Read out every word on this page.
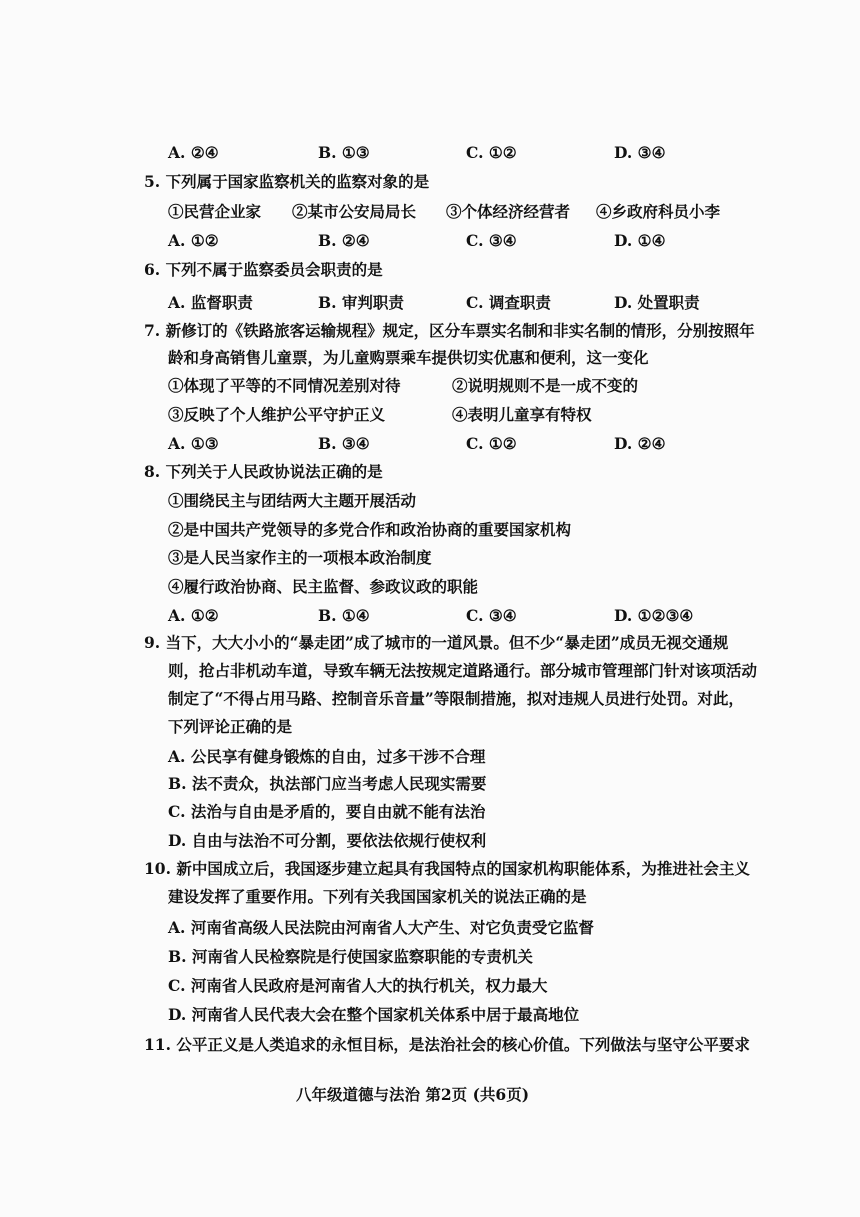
A. ②④	B. ①③	C. ①②	D. ③④
5. 下列属于国家监察机关的监察对象的是
①民营企业家 ②某市公安局局长 ③个体经济经营者 ④乡政府科员小李
A. ①②	B. ②④	C. ③④	D. ①④
6. 下列不属于监察委员会职责的是
A. 监督职责	B. 审判职责	C. 调查职责	D. 处置职责
7. 新修订的《铁路旅客运输规程》规定，区分车票实名制和非实名制的情形，分别按照年
龄和身高销售儿童票，为儿童购票乘车提供切实优惠和便利，这一变化
①体现了平等的不同情况差别对待	②说明规则不是一成不变的
③反映了个人维护公平守护正义	④表明儿童享有特权
A. ①③	B. ③④	C. ①②	D. ②④
8. 下列关于人民政协说法正确的是
①围绕民主与团结两大主题开展活动
②是中国共产党领导的多党合作和政治协商的重要国家机构
③是人民当家作主的一项根本政治制度
④履行政治协商、民主监督、参政议政的职能
A. ①②	B. ①④	C. ③④	D. ①②③④
9. 当下，大大小小的“暴走团”成了城市的一道风景。但不少“暴走团”成员无视交通规
则，抢占非机动车道，导致车辆无法按规定道路通行。部分城市管理部门针对该项活动
制定了“不得占用马路、控制音乐音量”等限制措施，拟对违规人员进行处罚。对此，
下列评论正确的是
A. 公民享有健身锻炼的自由，过多干涉不合理
B. 法不责众，执法部门应当考虑人民现实需要
C. 法治与自由是矛盾的，要自由就不能有法治
D. 自由与法治不可分割，要依法依规行使权利
10. 新中国成立后，我国逐步建立起具有我国特点的国家机构职能体系，为推进社会主义
建设发挥了重要作用。下列有关我国国家机关的说法正确的是
A. 河南省高级人民法院由河南省人大产生、对它负责受它监督
B. 河南省人民检察院是行使国家监察职能的专责机关
C. 河南省人民政府是河南省人大的执行机关，权力最大
D. 河南省人民代表大会在整个国家机关体系中居于最高地位
11. 公平正义是人类追求的永恒目标，是法治社会的核心价值。下列做法与坚守公平要求
八年级道德与法治 第2页 (共6页)
